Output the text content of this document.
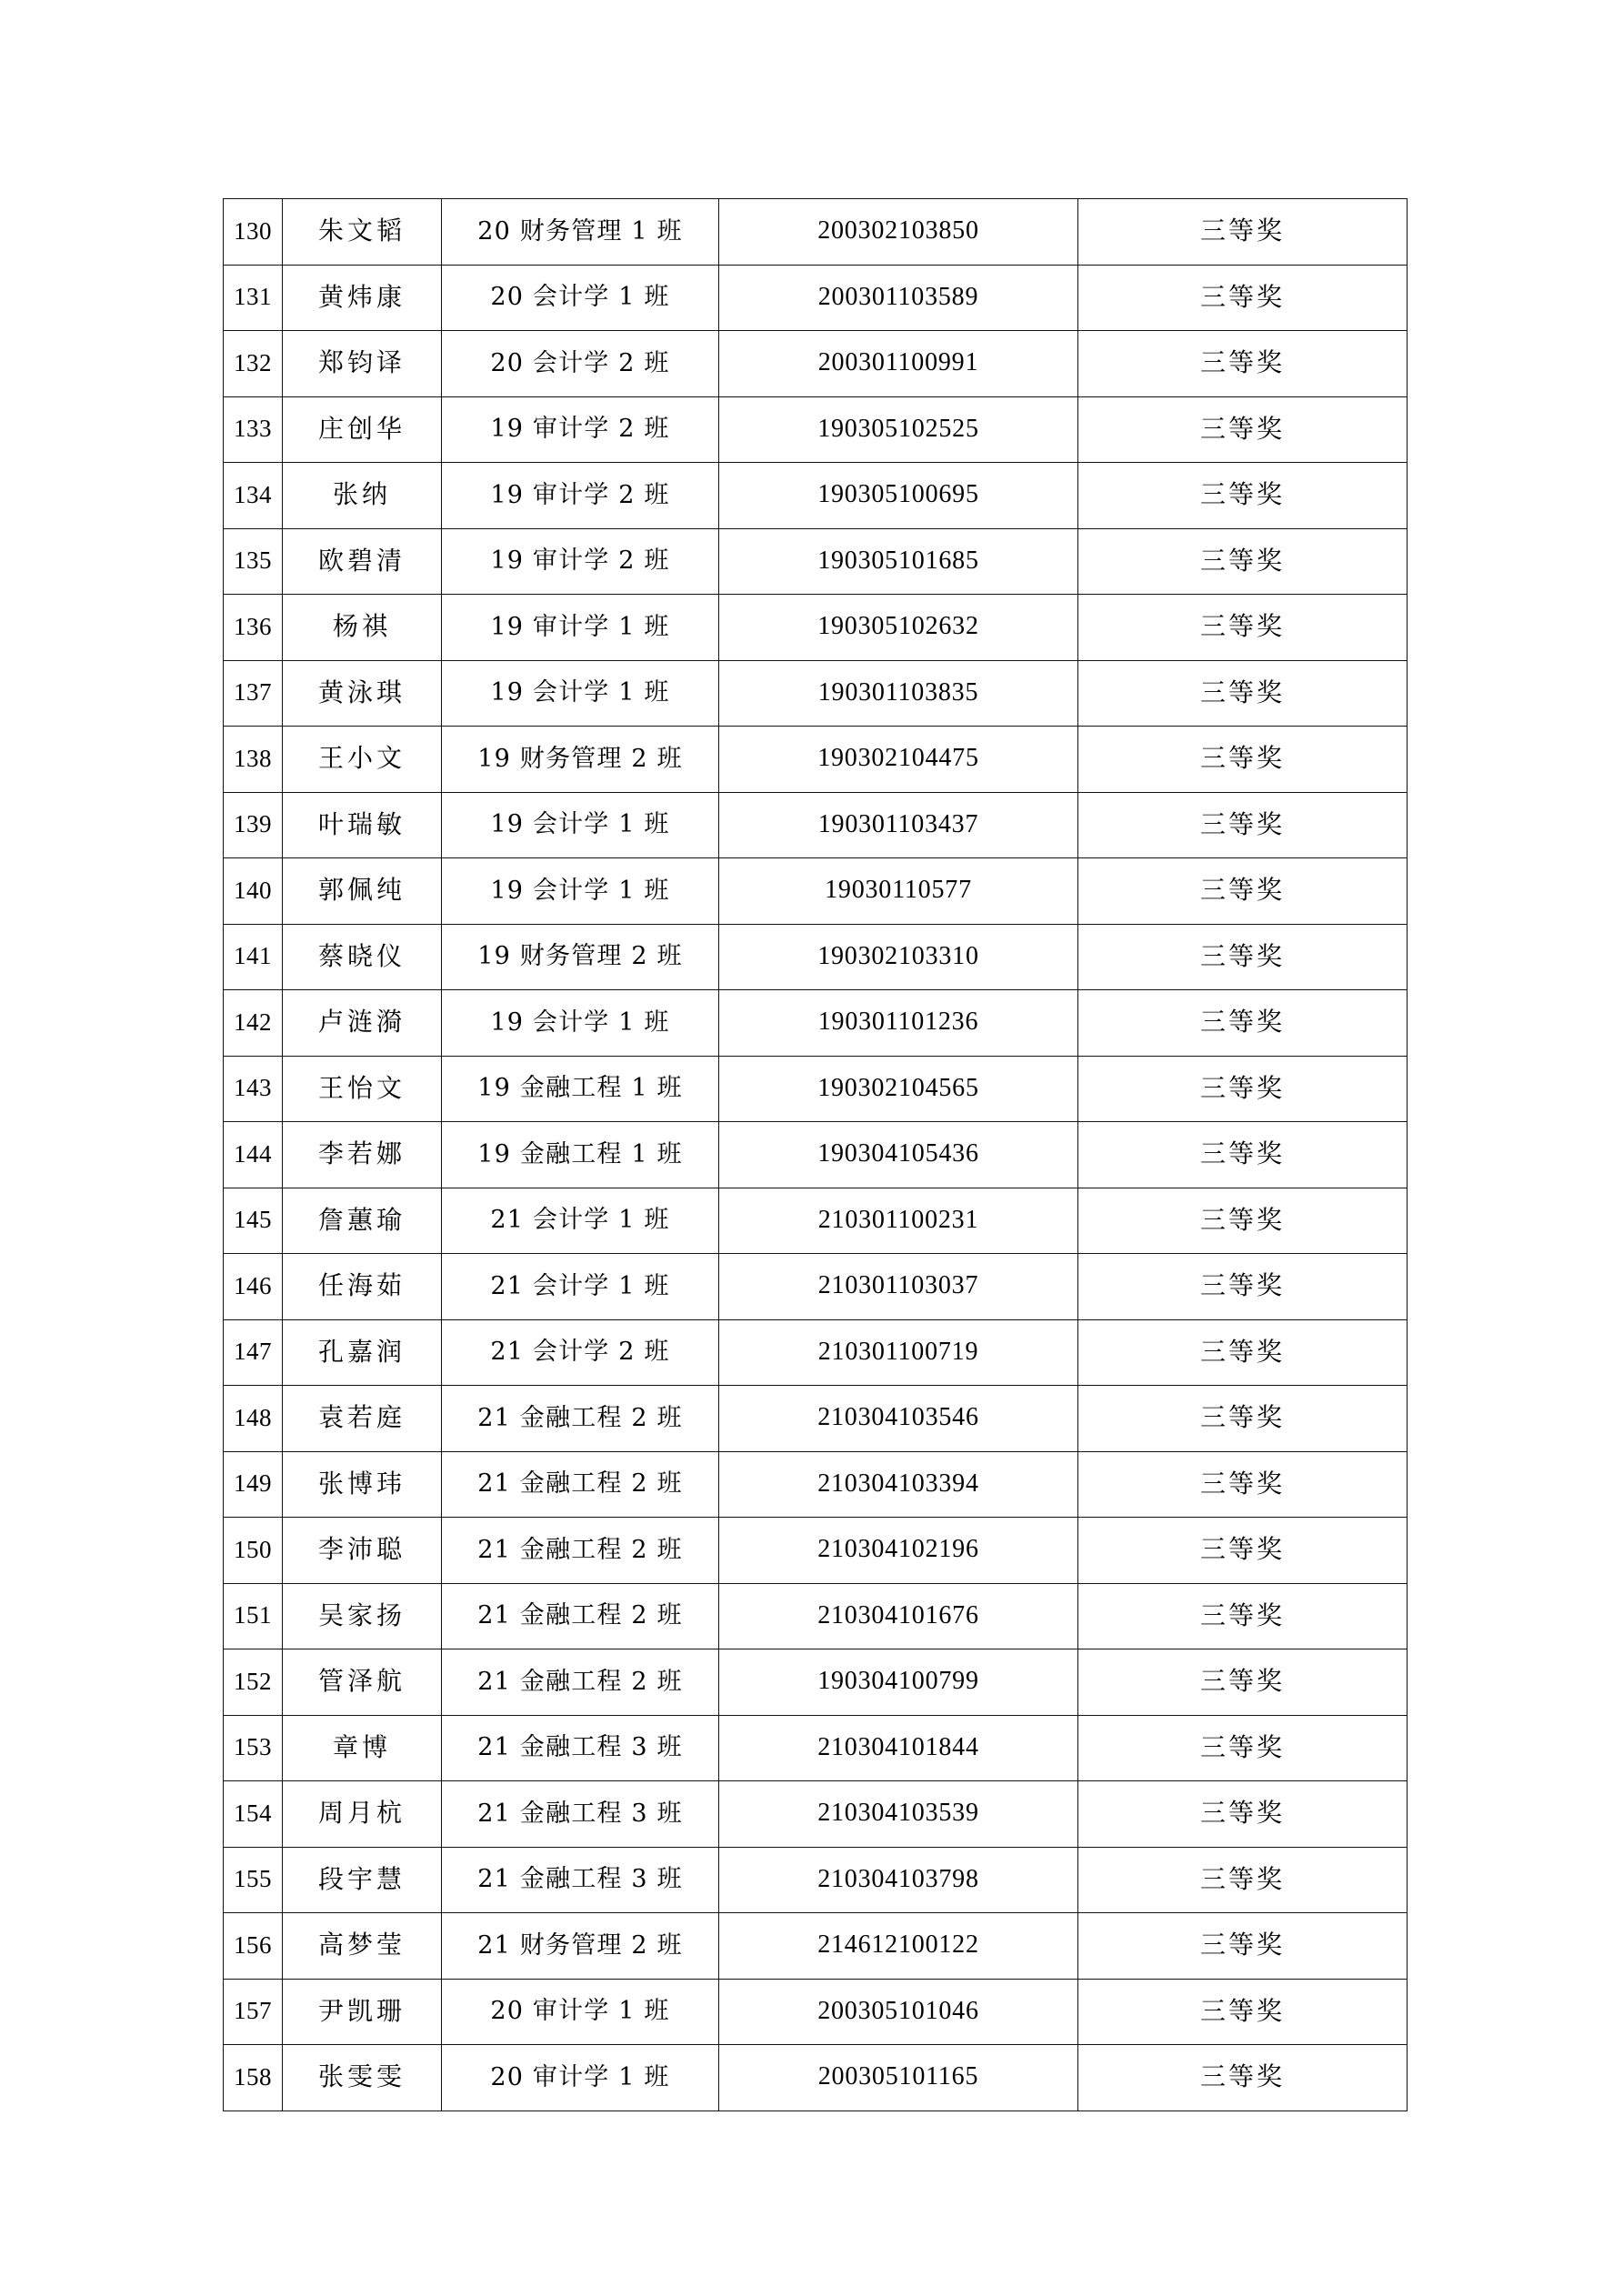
130	朱文韬	20 财务管理 1 班	200302103850	三等奖
131	黄炜康	20 会计学 1 班	200301103589	三等奖
132	郑钧译	20 会计学 2 班	200301100991	三等奖
133	庄创华	19 审计学 2 班	190305102525	三等奖
134	张纳	19 审计学 2 班	190305100695	三等奖
135	欧碧清	19 审计学 2 班	190305101685	三等奖
136	杨祺	19 审计学 1 班	190305102632	三等奖
137	黄泳琪	19 会计学 1 班	190301103835	三等奖
138	王小文	19 财务管理 2 班	190302104475	三等奖
139	叶瑞敏	19 会计学 1 班	190301103437	三等奖
140	郭佩纯	19 会计学 1 班	19030110577	三等奖
141	蔡晓仪	19 财务管理 2 班	190302103310	三等奖
142	卢涟漪	19 会计学 1 班	190301101236	三等奖
143	王怡文	19 金融工程 1 班	190302104565	三等奖
144	李若娜	19 金融工程 1 班	190304105436	三等奖
145	詹蕙瑜	21 会计学 1 班	210301100231	三等奖
146	任海茹	21 会计学 1 班	210301103037	三等奖
147	孔嘉润	21 会计学 2 班	210301100719	三等奖
148	袁若庭	21 金融工程 2 班	210304103546	三等奖
149	张博玮	21 金融工程 2 班	210304103394	三等奖
150	李沛聪	21 金融工程 2 班	210304102196	三等奖
151	吴家扬	21 金融工程 2 班	210304101676	三等奖
152	管泽航	21 金融工程 2 班	190304100799	三等奖
153	章博	21 金融工程 3 班	210304101844	三等奖
154	周月杭	21 金融工程 3 班	210304103539	三等奖
155	段宇慧	21 金融工程 3 班	210304103798	三等奖
156	高梦莹	21 财务管理 2 班	214612100122	三等奖
157	尹凯珊	20 审计学 1 班	200305101046	三等奖
158	张雯雯	20 审计学 1 班	200305101165	三等奖
